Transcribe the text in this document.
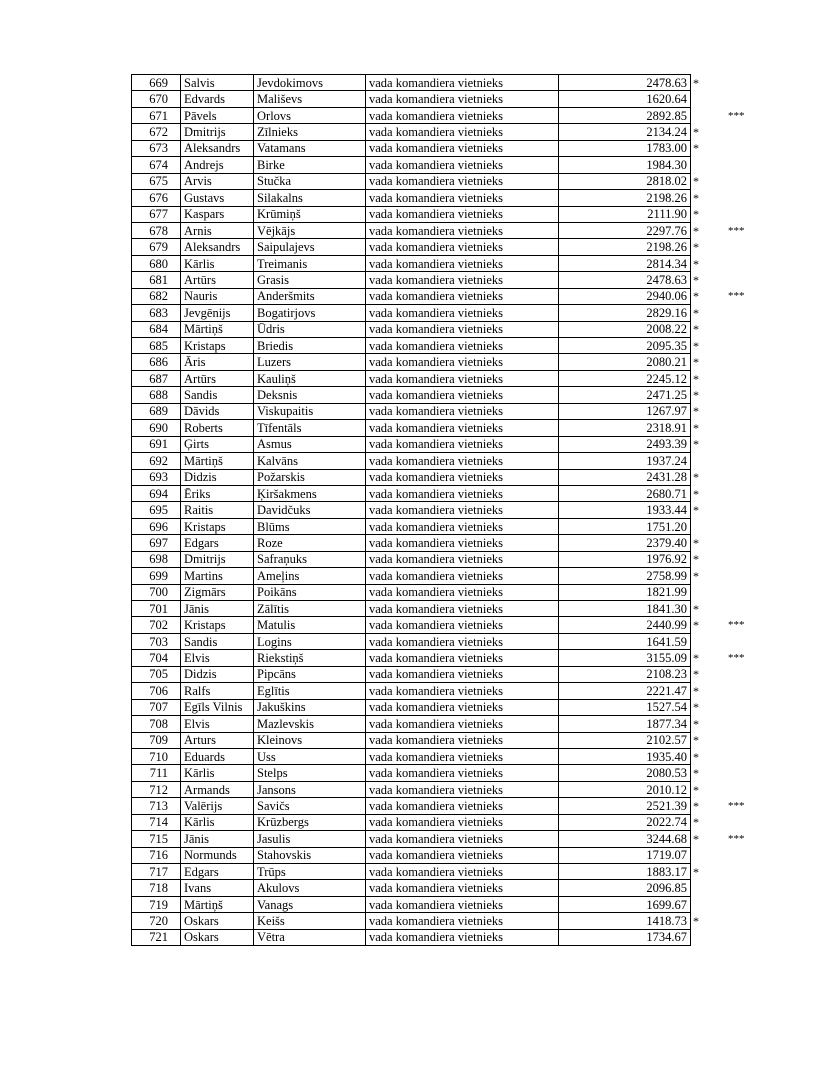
669	Salvis	Jevdokimovs	vada komandiera vietnieks	2478.63	*	
670	Edvards	Mališevs	vada komandiera vietnieks	1620.64		
671	Pāvels	Orlovs	vada komandiera vietnieks	2892.85		***
672	Dmitrijs	Zīlnieks	vada komandiera vietnieks	2134.24	*	
673	Aleksandrs	Vatamans	vada komandiera vietnieks	1783.00	*	
674	Andrejs	Birke	vada komandiera vietnieks	1984.30		
675	Arvis	Stučka	vada komandiera vietnieks	2818.02	*	
676	Gustavs	Silakalns	vada komandiera vietnieks	2198.26	*	
677	Kaspars	Krūmiņš	vada komandiera vietnieks	2111.90	*	
678	Arnis	Vējkājs	vada komandiera vietnieks	2297.76	*	***
679	Aleksandrs	Saipulajevs	vada komandiera vietnieks	2198.26	*	
680	Kārlis	Treimanis	vada komandiera vietnieks	2814.34	*	
681	Artūrs	Grasis	vada komandiera vietnieks	2478.63	*	
682	Nauris	Anderšmits	vada komandiera vietnieks	2940.06	*	***
683	Jevgēnijs	Bogatirjovs	vada komandiera vietnieks	2829.16	*	
684	Mārtiņš	Ūdris	vada komandiera vietnieks	2008.22	*	
685	Kristaps	Briedis	vada komandiera vietnieks	2095.35	*	
686	Āris	Luzers	vada komandiera vietnieks	2080.21	*	
687	Artūrs	Kauliņš	vada komandiera vietnieks	2245.12	*	
688	Sandis	Deksnis	vada komandiera vietnieks	2471.25	*	
689	Dāvids	Viskupaitis	vada komandiera vietnieks	1267.97	*	
690	Roberts	Tīfentāls	vada komandiera vietnieks	2318.91	*	
691	Ģirts	Asmus	vada komandiera vietnieks	2493.39	*	
692	Mārtiņš	Kalvāns	vada komandiera vietnieks	1937.24		
693	Didzis	Požarskis	vada komandiera vietnieks	2431.28	*	
694	Ēriks	Ķiršakmens	vada komandiera vietnieks	2680.71	*	
695	Raitis	Davidčuks	vada komandiera vietnieks	1933.44	*	
696	Kristaps	Blūms	vada komandiera vietnieks	1751.20		
697	Edgars	Roze	vada komandiera vietnieks	2379.40	*	
698	Dmitrijs	Safraņuks	vada komandiera vietnieks	1976.92	*	
699	Martins	Ameļins	vada komandiera vietnieks	2758.99	*	
700	Zigmārs	Poikāns	vada komandiera vietnieks	1821.99		
701	Jānis	Zālītis	vada komandiera vietnieks	1841.30	*	
702	Kristaps	Matulis	vada komandiera vietnieks	2440.99	*	***
703	Sandis	Logins	vada komandiera vietnieks	1641.59		
704	Elvis	Riekstiņš	vada komandiera vietnieks	3155.09	*	***
705	Didzis	Pipcāns	vada komandiera vietnieks	2108.23	*	
706	Ralfs	Eglītis	vada komandiera vietnieks	2221.47	*	
707	Egīls Vilnis	Jakuškins	vada komandiera vietnieks	1527.54	*	
708	Elvis	Mazlevskis	vada komandiera vietnieks	1877.34	*	
709	Arturs	Kleinovs	vada komandiera vietnieks	2102.57	*	
710	Eduards	Uss	vada komandiera vietnieks	1935.40	*	
711	Kārlis	Stelps	vada komandiera vietnieks	2080.53	*	
712	Armands	Jansons	vada komandiera vietnieks	2010.12	*	
713	Valērijs	Savičs	vada komandiera vietnieks	2521.39	*	***
714	Kārlis	Krūzbergs	vada komandiera vietnieks	2022.74	*	
715	Jānis	Jasulis	vada komandiera vietnieks	3244.68	*	***
716	Normunds	Stahovskis	vada komandiera vietnieks	1719.07		
717	Edgars	Trūps	vada komandiera vietnieks	1883.17	*	
718	Ivans	Akulovs	vada komandiera vietnieks	2096.85		
719	Mārtiņš	Vanags	vada komandiera vietnieks	1699.67		
720	Oskars	Keišs	vada komandiera vietnieks	1418.73	*	
721	Oskars	Vētra	vada komandiera vietnieks	1734.67		
